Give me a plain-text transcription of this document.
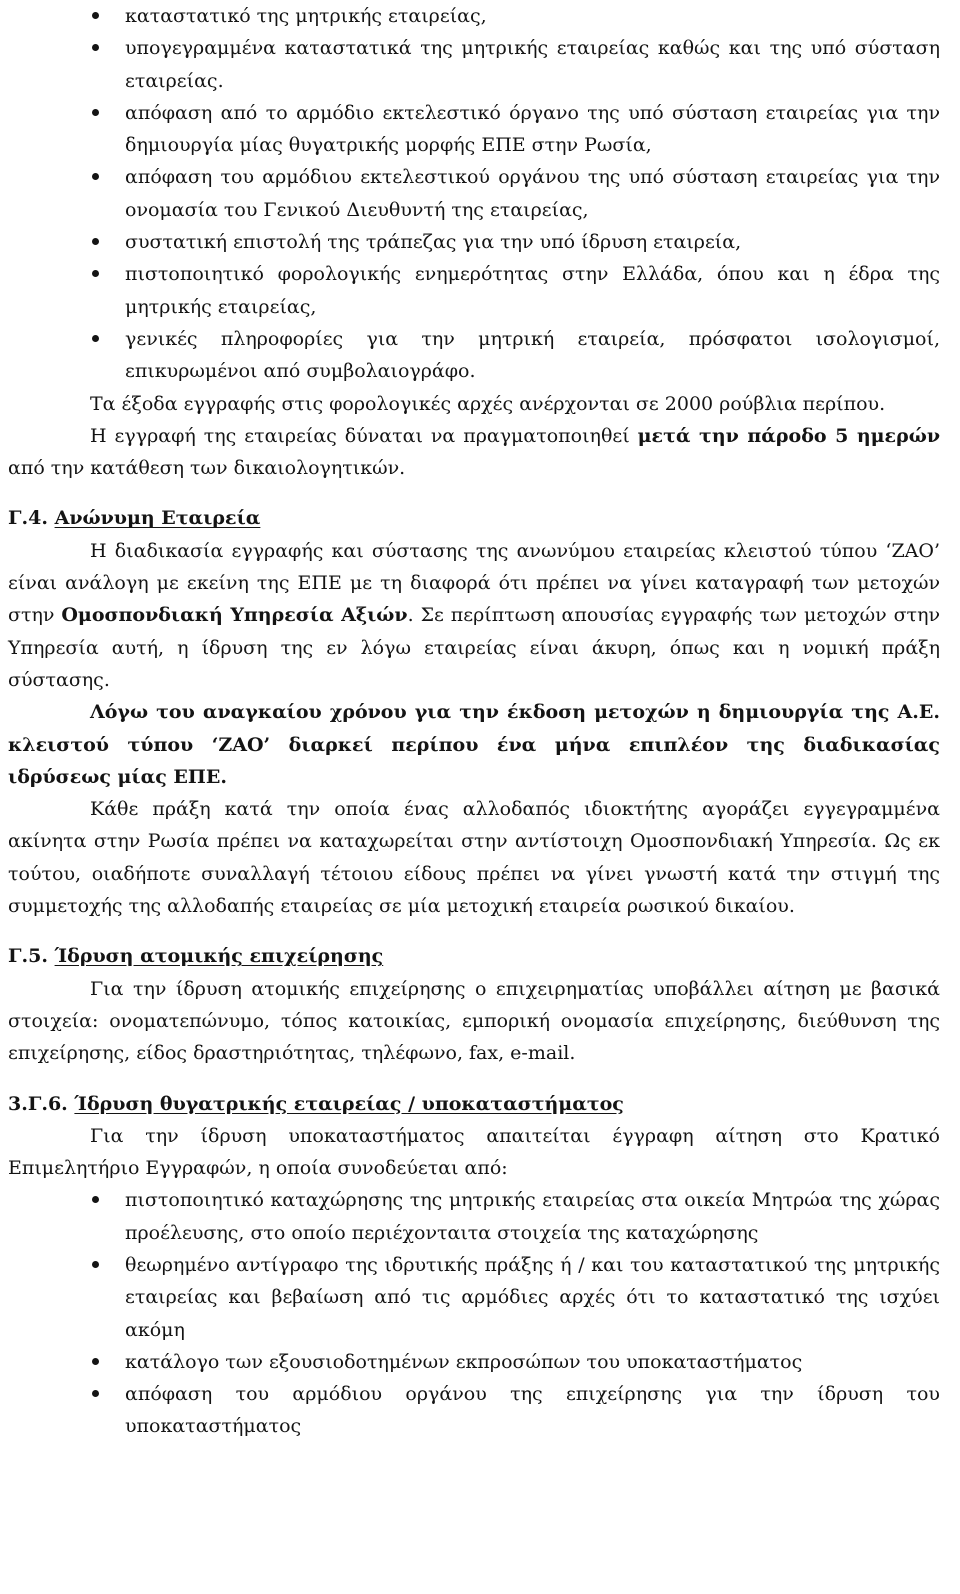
καταστατικό της μητρικής εταιρείας,
υπογεγραμμένα καταστατικά της μητρικής εταιρείας καθώς και της υπό σύσταση εταιρείας.
απόφαση από το αρμόδιο εκτελεστικό όργανο της υπό σύσταση εταιρείας για την δημιουργία μίας θυγατρικής μορφής ΕΠΕ στην Ρωσία,
απόφαση του αρμόδιου εκτελεστικού οργάνου της υπό σύσταση εταιρείας για την ονομασία του Γενικού Διευθυντή της εταιρείας,
συστατική επιστολή της τράπεζας για την υπό ίδρυση εταιρεία,
πιστοποιητικό φορολογικής ενημερότητας στην Ελλάδα, όπου και η έδρα της μητρικής εταιρείας,
γενικές πληροφορίες για την μητρική εταιρεία, πρόσφατοι ισολογισμοί, επικυρωμένοι από συμβολαιογράφο.

Τα έξοδα εγγραφής στις φορολογικές αρχές ανέρχονται σε 2000 ρούβλια περίπου.

Η εγγραφή της εταιρείας δύναται να πραγματοποιηθεί μετά την πάροδο 5 ημερών από την κατάθεση των δικαιολογητικών.

Γ.4. Ανώνυμη Εταιρεία

Η διαδικασία εγγραφής και σύστασης της ανωνύμου εταιρείας κλειστού τύπου ‘ΖΑΟ’ είναι ανάλογη με εκείνη της ΕΠΕ με τη διαφορά ότι πρέπει να γίνει καταγραφή των μετοχών στην Ομοσπονδιακή Υπηρεσία Αξιών. Σε περίπτωση απουσίας εγγραφής των μετοχών στην Υπηρεσία αυτή, η ίδρυση της εν λόγω εταιρείας είναι άκυρη, όπως και η νομική πράξη σύστασης.

Λόγω του αναγκαίου χρόνου για την έκδοση μετοχών η δημιουργία της Α.Ε. κλειστού τύπου ‘ΖΑΟ’ διαρκεί περίπου ένα μήνα επιπλέον της διαδικασίας ιδρύσεως μίας ΕΠΕ.

Κάθε πράξη κατά την οποία ένας αλλοδαπός ιδιοκτήτης αγοράζει εγγεγραμμένα ακίνητα στην Ρωσία πρέπει να καταχωρείται στην αντίστοιχη Ομοσπονδιακή Υπηρεσία. Ως εκ τούτου, οιαδήποτε συναλλαγή τέτοιου είδους πρέπει να γίνει γνωστή κατά την στιγμή της συμμετοχής της αλλοδαπής εταιρείας σε μία μετοχική εταιρεία ρωσικού δικαίου.

Γ.5. Ίδρυση ατομικής επιχείρησης

Για την ίδρυση ατομικής επιχείρησης ο επιχειρηματίας υποβάλλει αίτηση με βασικά στοιχεία: ονοματεπώνυμο, τόπος κατοικίας, εμπορική ονομασία επιχείρησης, διεύθυνση της επιχείρησης, είδος δραστηριότητας, τηλέφωνο, fax, e-mail.

3.Γ.6. Ίδρυση θυγατρικής εταιρείας / υποκαταστήματος

Για την ίδρυση υποκαταστήματος απαιτείται έγγραφη αίτηση στο Κρατικό Επιμελητήριο Εγγραφών, η οποία συνοδεύεται από:

πιστοποιητικό καταχώρησης της μητρικής εταιρείας στα οικεία Μητρώα της χώρας προέλευσης, στο οποίο περιέχονταιτα στοιχεία της καταχώρησης
θεωρημένο αντίγραφο της ιδρυτικής πράξης ή / και του καταστατικού της μητρικής εταιρείας και βεβαίωση από τις αρμόδιες αρχές ότι το καταστατικό της ισχύει ακόμη
κατάλογο των εξουσιοδοτημένων εκπροσώπων του υποκαταστήματος
απόφαση του αρμόδιου οργάνου της επιχείρησης για την ίδρυση του υποκαταστήματος
